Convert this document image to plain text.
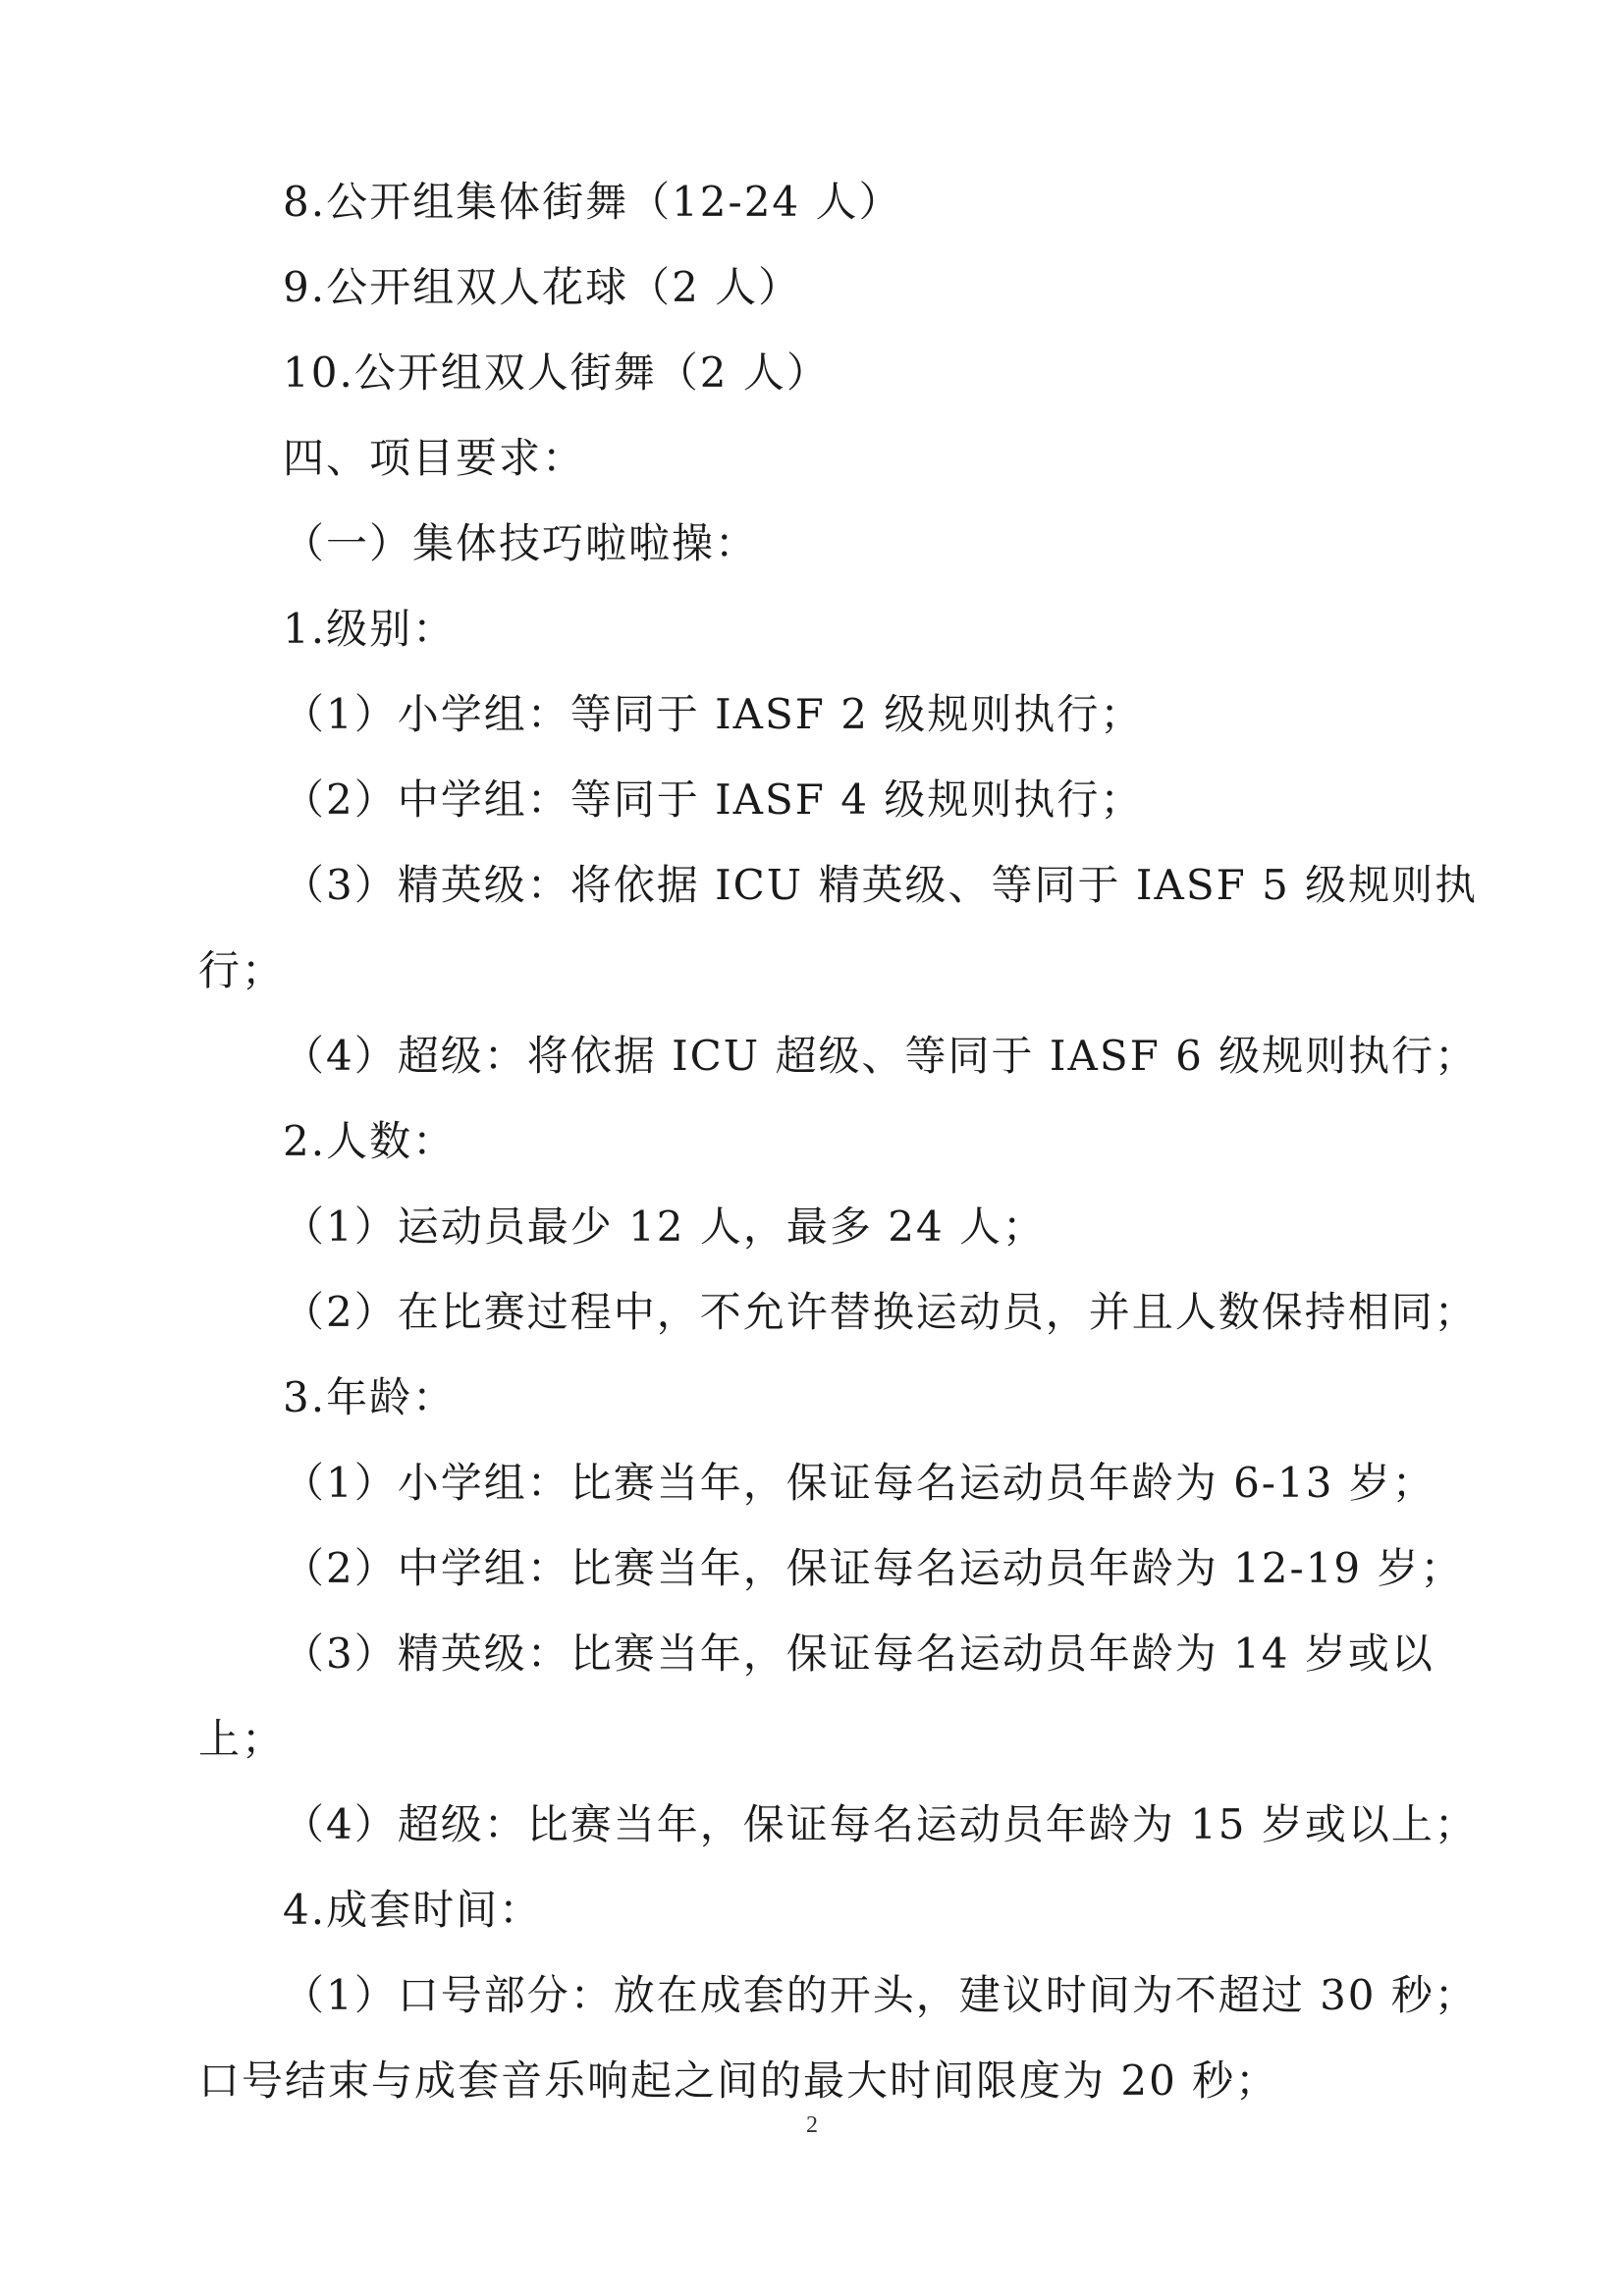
8.公开组集体街舞（12-24 人）
9.公开组双人花球（2 人）
10.公开组双人街舞（2 人）
四、项目要求：
（一）集体技巧啦啦操：
1.级别：
（1）小学组：等同于 IASF 2 级规则执行；
（2）中学组：等同于 IASF 4 级规则执行；
（3）精英级：将依据 ICU 精英级、等同于 IASF 5 级规则执
行；
（4）超级：将依据 ICU 超级、等同于 IASF 6 级规则执行；
2.人数：
（1）运动员最少 12 人，最多 24 人；
（2）在比赛过程中，不允许替换运动员，并且人数保持相同；
3.年龄：
（1）小学组：比赛当年，保证每名运动员年龄为 6-13 岁；
（2）中学组：比赛当年，保证每名运动员年龄为 12-19 岁；
（3）精英级：比赛当年，保证每名运动员年龄为 14 岁或以
上；
（4）超级：比赛当年，保证每名运动员年龄为 15 岁或以上；
4.成套时间：
（1）口号部分：放在成套的开头，建议时间为不超过 30 秒；
口号结束与成套音乐响起之间的最大时间限度为 20 秒；
2
